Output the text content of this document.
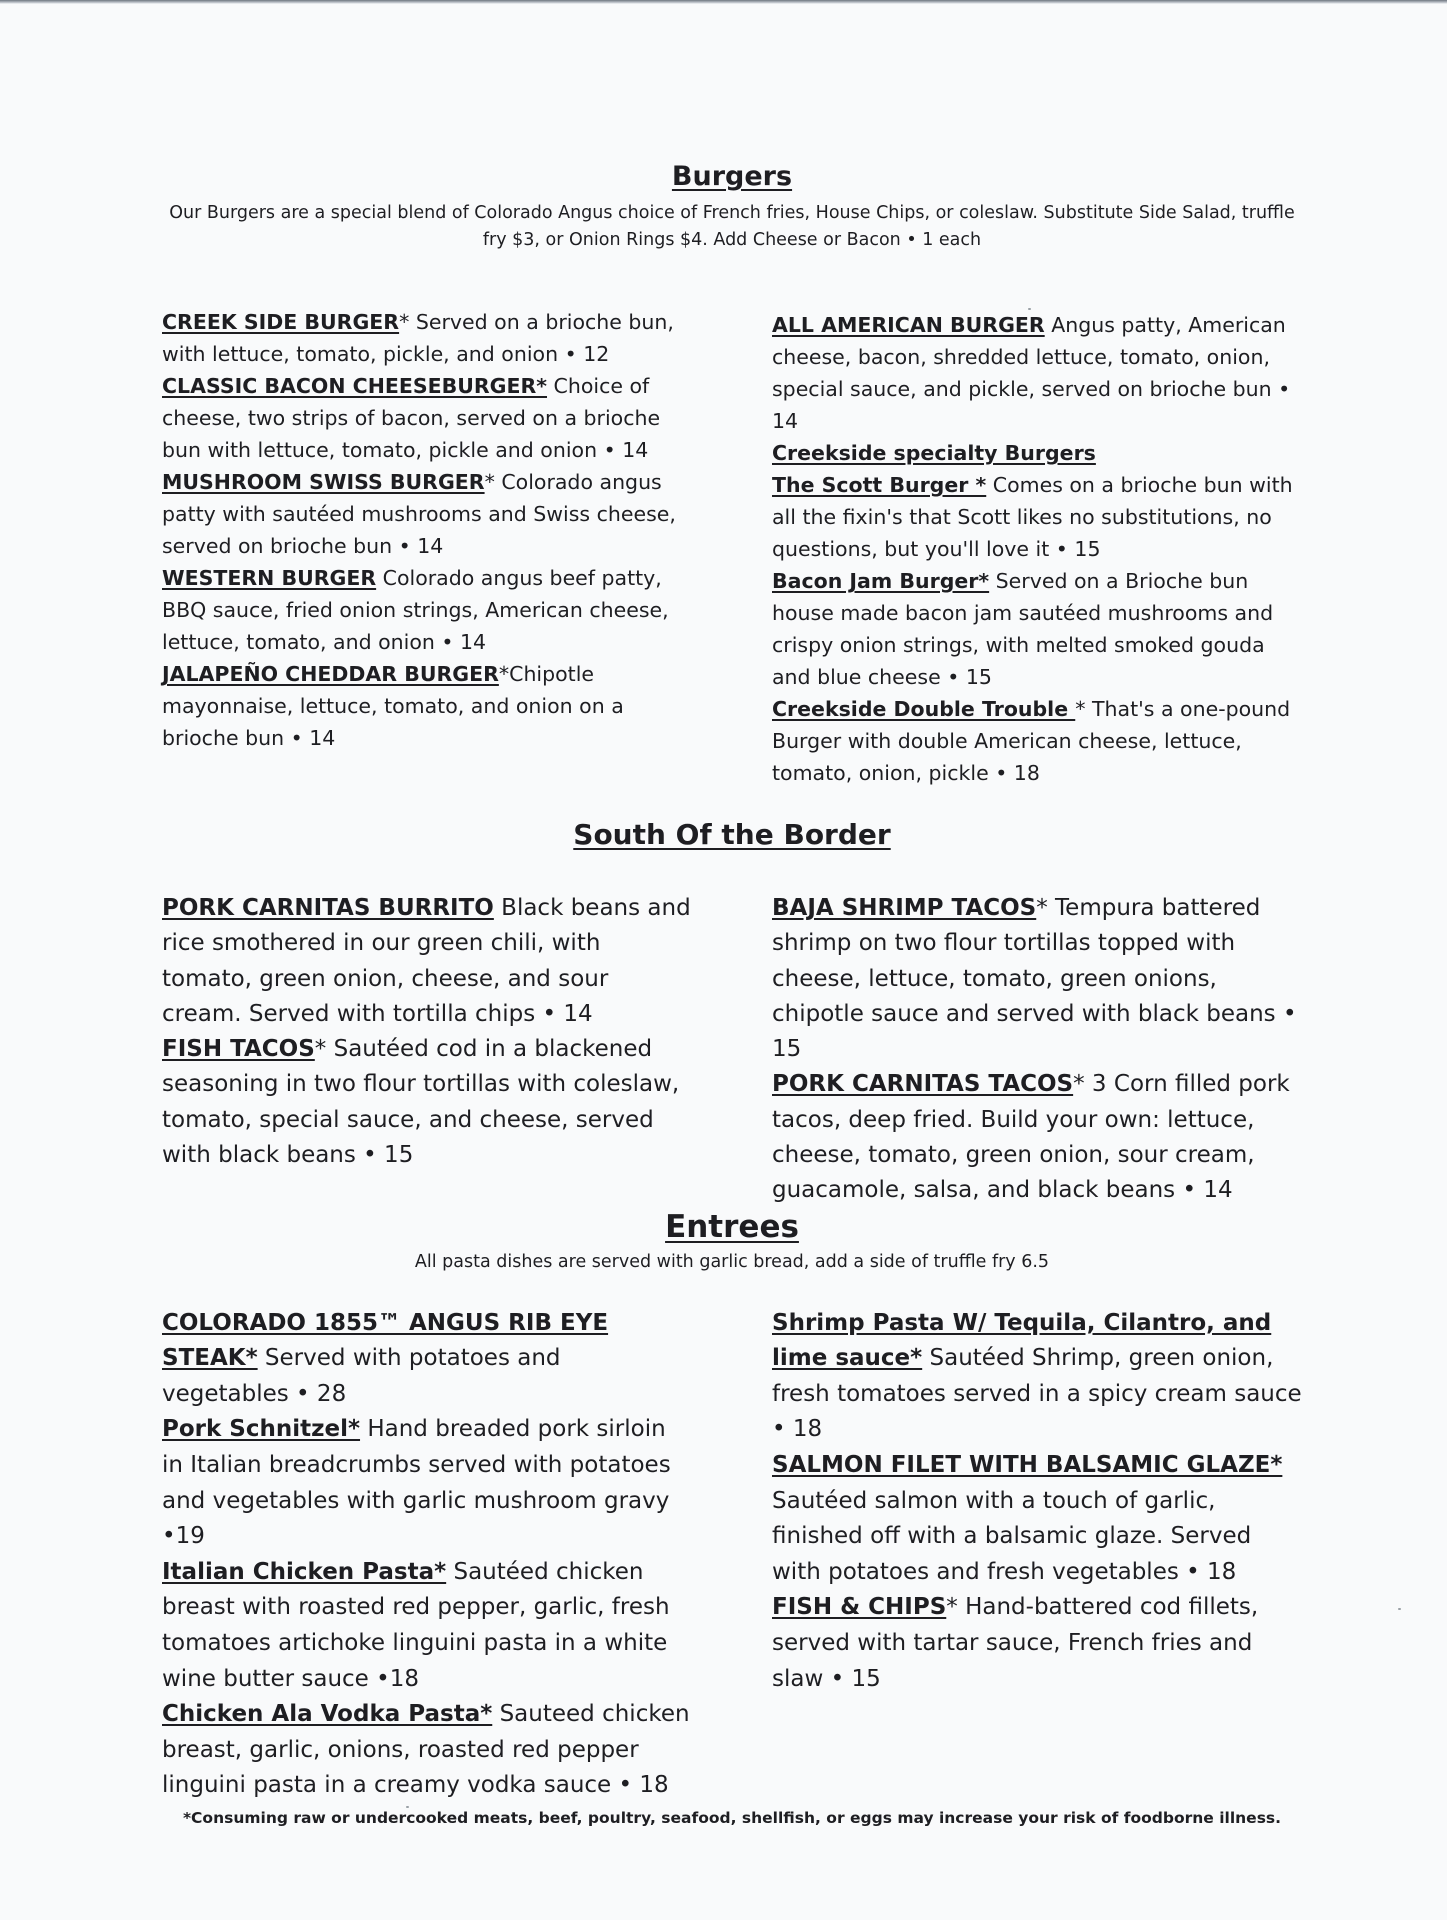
Burgers

Our Burgers are a special blend of Colorado Angus choice of French fries, House Chips, or coleslaw. Substitute Side Salad, truffle fry $3, or Onion Rings $4. Add Cheese or Bacon • 1 each

CREEK SIDE BURGER* Served on a brioche bun, with lettuce, tomato, pickle, and onion • 12

CLASSIC BACON CHEESEBURGER* Choice of cheese, two strips of bacon, served on a brioche bun with lettuce, tomato, pickle and onion • 14

MUSHROOM SWISS BURGER* Colorado angus patty with sautéed mushrooms and Swiss cheese, served on brioche bun • 14

WESTERN BURGER Colorado angus beef patty, BBQ sauce, fried onion strings, American cheese, lettuce, tomato, and onion • 14

JALAPEÑO CHEDDAR BURGER*Chipotle mayonnaise, lettuce, tomato, and onion on a brioche bun • 14

ALL AMERICAN BURGER Angus patty, American cheese, bacon, shredded lettuce, tomato, onion, special sauce, and pickle, served on brioche bun • 14

Creekside specialty Burgers

The Scott Burger * Comes on a brioche bun with all the fixin's that Scott likes no substitutions, no questions, but you'll love it • 15

Bacon Jam Burger* Served on a Brioche bun house made bacon jam sautéed mushrooms and crispy onion strings, with melted smoked gouda and blue cheese • 15

Creekside Double Trouble * That's a one-pound Burger with double American cheese, lettuce, tomato, onion, pickle • 18

South Of the Border

PORK CARNITAS BURRITO Black beans and rice smothered in our green chili, with tomato, green onion, cheese, and sour cream. Served with tortilla chips • 14

FISH TACOS* Sautéed cod in a blackened seasoning in two flour tortillas with coleslaw, tomato, special sauce, and cheese, served with black beans • 15

BAJA SHRIMP TACOS* Tempura battered shrimp on two flour tortillas topped with cheese, lettuce, tomato, green onions, chipotle sauce and served with black beans • 15

PORK CARNITAS TACOS* 3 Corn filled pork tacos, deep fried. Build your own: lettuce, cheese, tomato, green onion, sour cream, guacamole, salsa, and black beans • 14

Entrees

All pasta dishes are served with garlic bread, add a side of truffle fry 6.5

COLORADO 1855™ ANGUS RIB EYE STEAK* Served with potatoes and vegetables • 28

Pork Schnitzel* Hand breaded pork sirloin in Italian breadcrumbs served with potatoes and vegetables with garlic mushroom gravy •19

Italian Chicken Pasta* Sautéed chicken breast with roasted red pepper, garlic, fresh tomatoes artichoke linguini pasta in a white wine butter sauce •18

Chicken Ala Vodka Pasta* Sauteed chicken breast, garlic, onions, roasted red pepper linguini pasta in a creamy vodka sauce • 18

Shrimp Pasta W/ Tequila, Cilantro, and lime sauce* Sautéed Shrimp, green onion, fresh tomatoes served in a spicy cream sauce • 18

SALMON FILET WITH BALSAMIC GLAZE* Sautéed salmon with a touch of garlic, finished off with a balsamic glaze. Served with potatoes and fresh vegetables • 18

FISH & CHIPS* Hand-battered cod fillets, served with tartar sauce, French fries and slaw • 15

*Consuming raw or undercooked meats, beef, poultry, seafood, shellfish, or eggs may increase your risk of foodborne illness.
